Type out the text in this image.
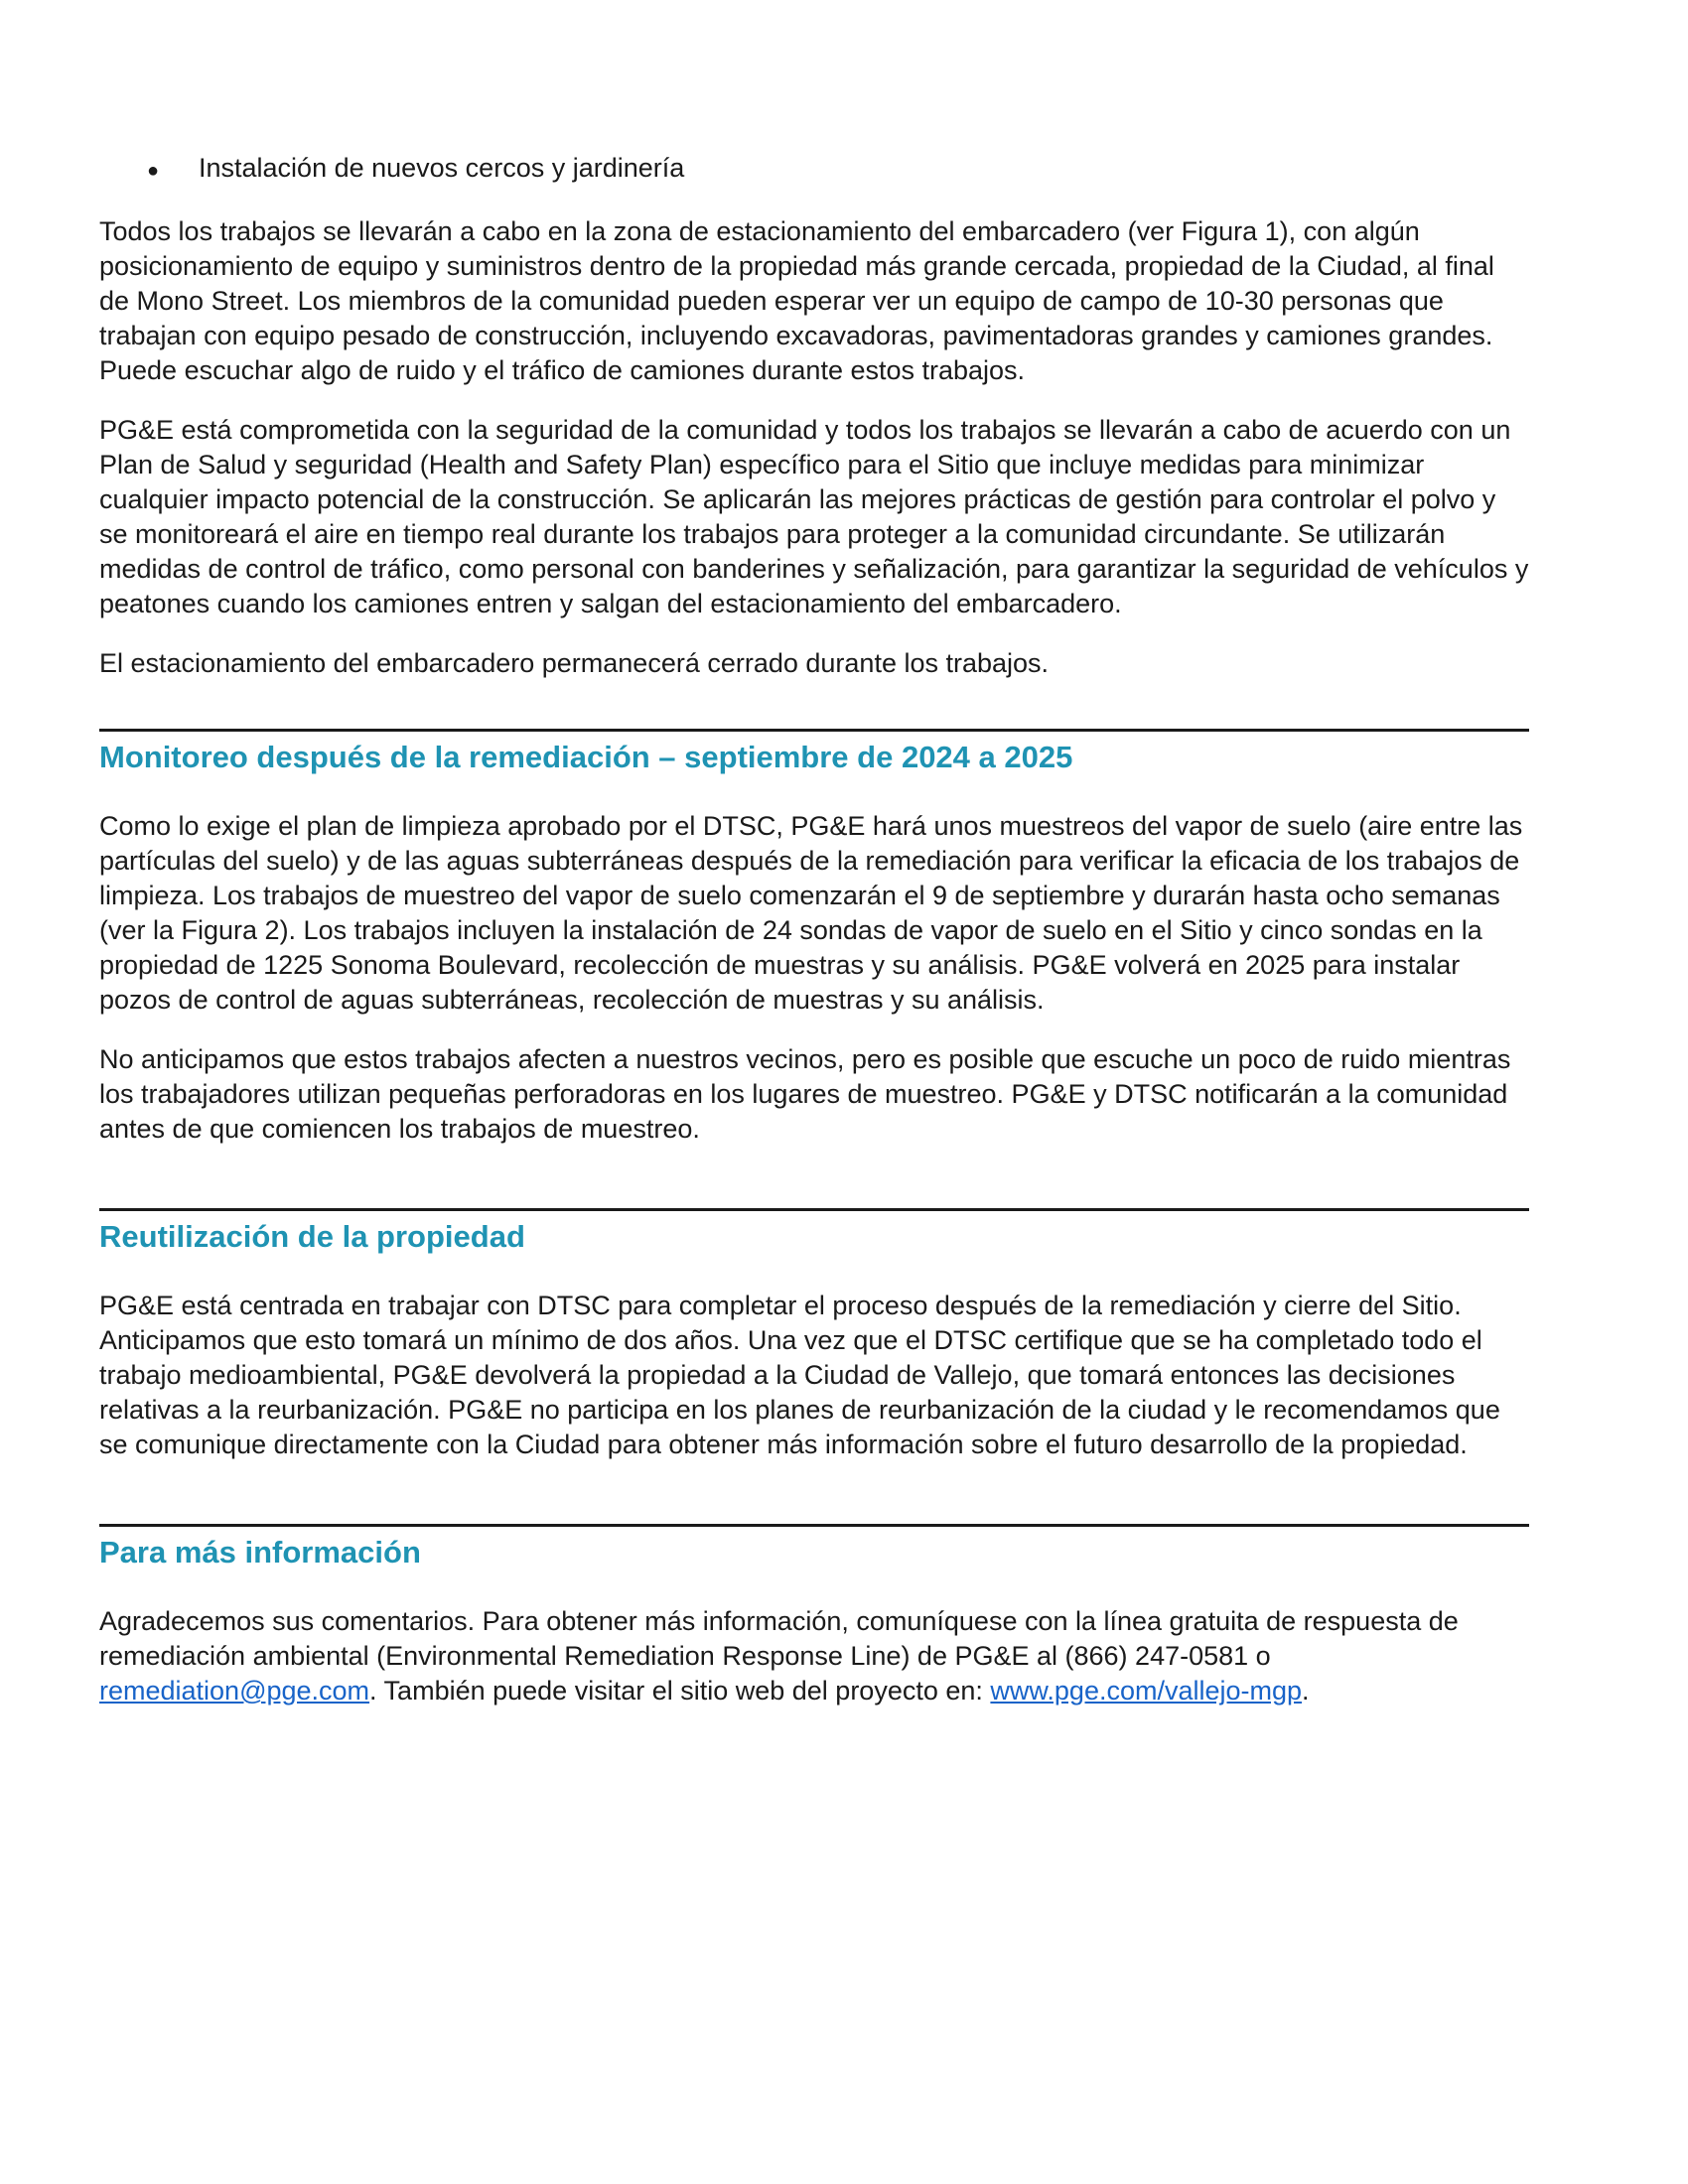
●	Instalación de nuevos cercos y jardinería

Todos los trabajos se llevarán a cabo en la zona de estacionamiento del embarcadero (ver Figura 1), con algún posicionamiento de equipo y suministros dentro de la propiedad más grande cercada, propiedad de la Ciudad, al final de Mono Street. Los miembros de la comunidad pueden esperar ver un equipo de campo de 10-30 personas que trabajan con equipo pesado de construcción, incluyendo excavadoras, pavimentadoras grandes y camiones grandes. Puede escuchar algo de ruido y el tráfico de camiones durante estos trabajos.

PG&E está comprometida con la seguridad de la comunidad y todos los trabajos se llevarán a cabo de acuerdo con un Plan de Salud y seguridad (Health and Safety Plan) específico para el Sitio que incluye medidas para minimizar cualquier impacto potencial de la construcción. Se aplicarán las mejores prácticas de gestión para controlar el polvo y se monitoreará el aire en tiempo real durante los trabajos para proteger a la comunidad circundante. Se utilizarán medidas de control de tráfico, como personal con banderines y señalización, para garantizar la seguridad de vehículos y peatones cuando los camiones entren y salgan del estacionamiento del embarcadero.

El estacionamiento del embarcadero permanecerá cerrado durante los trabajos.

Monitoreo después de la remediación – septiembre de 2024 a 2025

Como lo exige el plan de limpieza aprobado por el DTSC, PG&E hará unos muestreos del vapor de suelo (aire entre las partículas del suelo) y de las aguas subterráneas después de la remediación para verificar la eficacia de los trabajos de limpieza. Los trabajos de muestreo del vapor de suelo comenzarán el 9 de septiembre y durarán hasta ocho semanas (ver la Figura 2). Los trabajos incluyen la instalación de 24 sondas de vapor de suelo en el Sitio y cinco sondas en la propiedad de 1225 Sonoma Boulevard, recolección de muestras y su análisis. PG&E volverá en 2025 para instalar pozos de control de aguas subterráneas, recolección de muestras y su análisis.

No anticipamos que estos trabajos afecten a nuestros vecinos, pero es posible que escuche un poco de ruido mientras los trabajadores utilizan pequeñas perforadoras en los lugares de muestreo. PG&E y DTSC notificarán a la comunidad antes de que comiencen los trabajos de muestreo.

Reutilización de la propiedad

PG&E está centrada en trabajar con DTSC para completar el proceso después de la remediación y cierre del Sitio. Anticipamos que esto tomará un mínimo de dos años. Una vez que el DTSC certifique que se ha completado todo el trabajo medioambiental, PG&E devolverá la propiedad a la Ciudad de Vallejo, que tomará entonces las decisiones relativas a la reurbanización. PG&E no participa en los planes de reurbanización de la ciudad y le recomendamos que se comunique directamente con la Ciudad para obtener más información sobre el futuro desarrollo de la propiedad.

Para más información

Agradecemos sus comentarios. Para obtener más información, comuníquese con la línea gratuita de respuesta de remediación ambiental (Environmental Remediation Response Line) de PG&E al (866) 247-0581 o remediation@pge.com. También puede visitar el sitio web del proyecto en: www.pge.com/vallejo-mgp.
